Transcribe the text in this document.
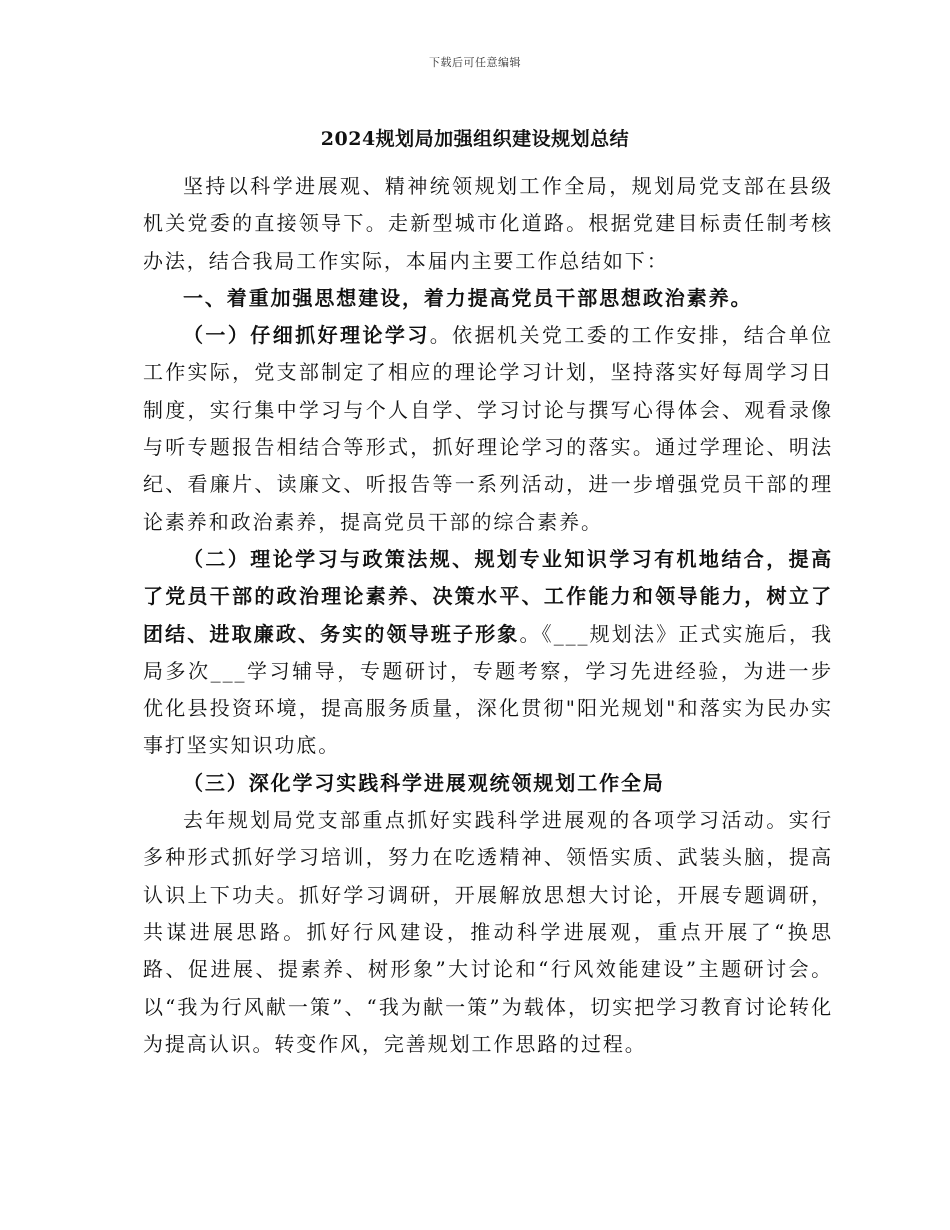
下载后可任意编辑
2024规划局加强组织建设规划总结

坚持以科学进展观、精神统领规划工作全局，规划局党支部在县级机关党委的直接领导下。走新型城市化道路。根据党建目标责任制考核办法，结合我局工作实际，本届内主要工作总结如下：

一、着重加强思想建设，着力提高党员干部思想政治素养。

（一）仔细抓好理论学习。依据机关党工委的工作安排，结合单位工作实际，党支部制定了相应的理论学习计划，坚持落实好每周学习日制度，实行集中学习与个人自学、学习讨论与撰写心得体会、观看录像与听专题报告相结合等形式，抓好理论学习的落实。通过学理论、明法纪、看廉片、读廉文、听报告等一系列活动，进一步增强党员干部的理论素养和政治素养，提高党员干部的综合素养。

（二）理论学习与政策法规、规划专业知识学习有机地结合，提高了党员干部的政治理论素养、决策水平、工作能力和领导能力，树立了团结、进取廉政、务实的领导班子形象。《___规划法》正式实施后，我局多次___学习辅导，专题研讨，专题考察，学习先进经验，为进一步优化县投资环境，提高服务质量，深化贯彻"阳光规划"和落实为民办实事打坚实知识功底。

（三）深化学习实践科学进展观统领规划工作全局

去年规划局党支部重点抓好实践科学进展观的各项学习活动。实行多种形式抓好学习培训，努力在吃透精神、领悟实质、武装头脑，提高认识上下功夫。抓好学习调研，开展解放思想大讨论，开展专题调研，共谋进展思路。抓好行风建设，推动科学进展观，重点开展了“换思路、促进展、提素养、树形象”大讨论和“行风效能建设”主题研讨会。以“我为行风献一策”、“我为献一策”为载体，切实把学习教育讨论转化为提高认识。转变作风，完善规划工作思路的过程。
